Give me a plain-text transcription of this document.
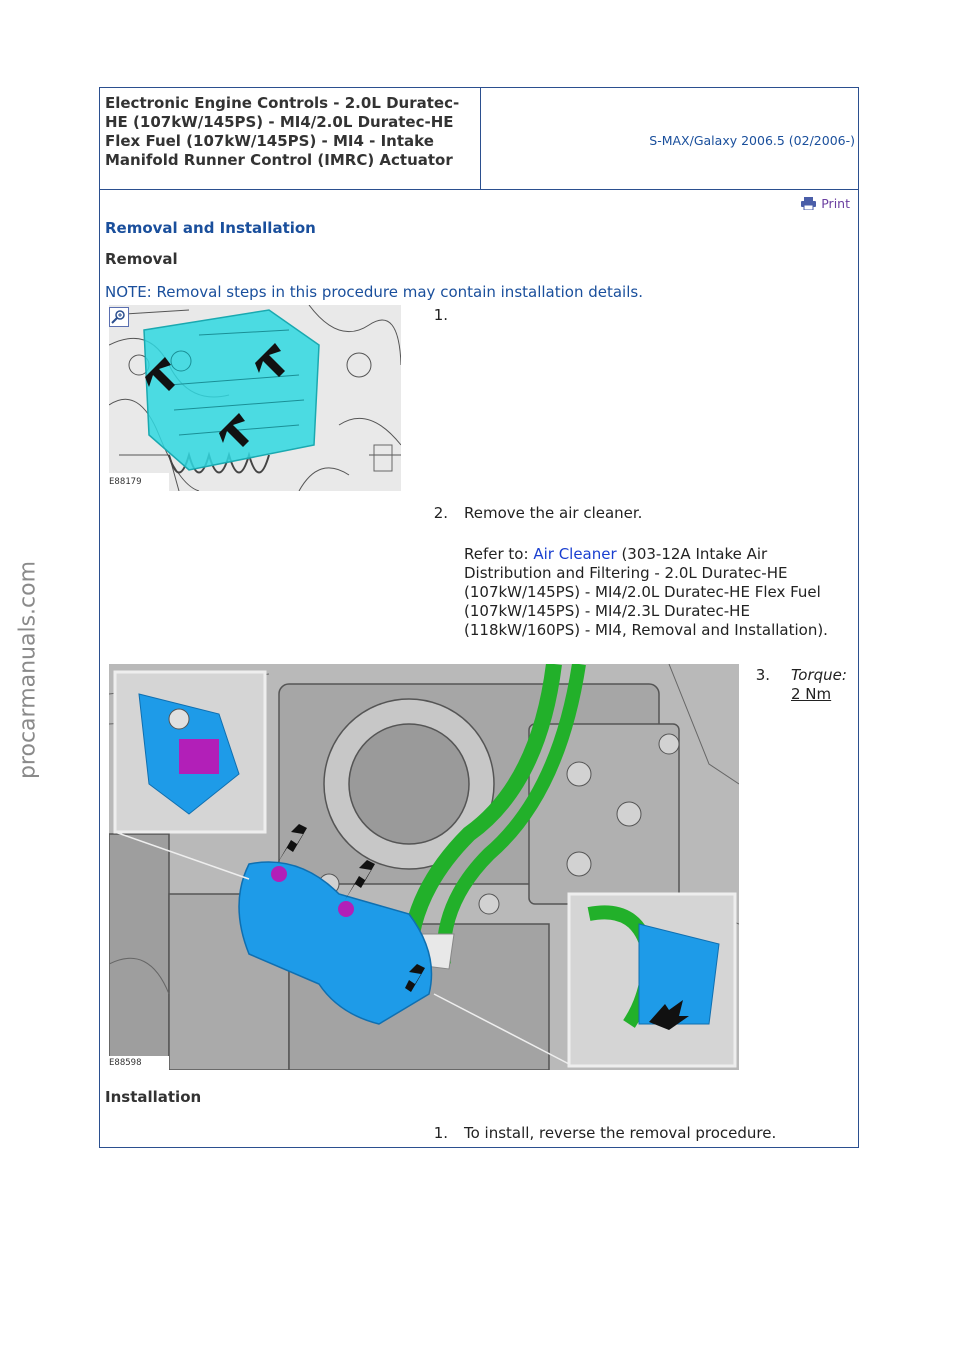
procarmanuals.com
Electronic Engine Controls - 2.0L Duratec-HE (107kW/145PS) - MI4/2.0L Duratec-HE Flex Fuel (107kW/145PS) - MI4 - Intake Manifold Runner Control (IMRC) Actuator
S-MAX/Galaxy 2006.5 (02/2006-)
Print
Removal and Installation
Removal
NOTE: Removal steps in this procedure may contain installation details.
E88179
1.
2. Remove the air cleaner.
Refer to: Air Cleaner (303-12A Intake Air Distribution and Filtering - 2.0L Duratec-HE (107kW/145PS) - MI4/2.0L Duratec-HE Flex Fuel (107kW/145PS) - MI4/2.3L Duratec-HE (118kW/160PS) - MI4, Removal and Installation).
E88598
3. Torque:
2 Nm
Installation
1. To install, reverse the removal procedure.
